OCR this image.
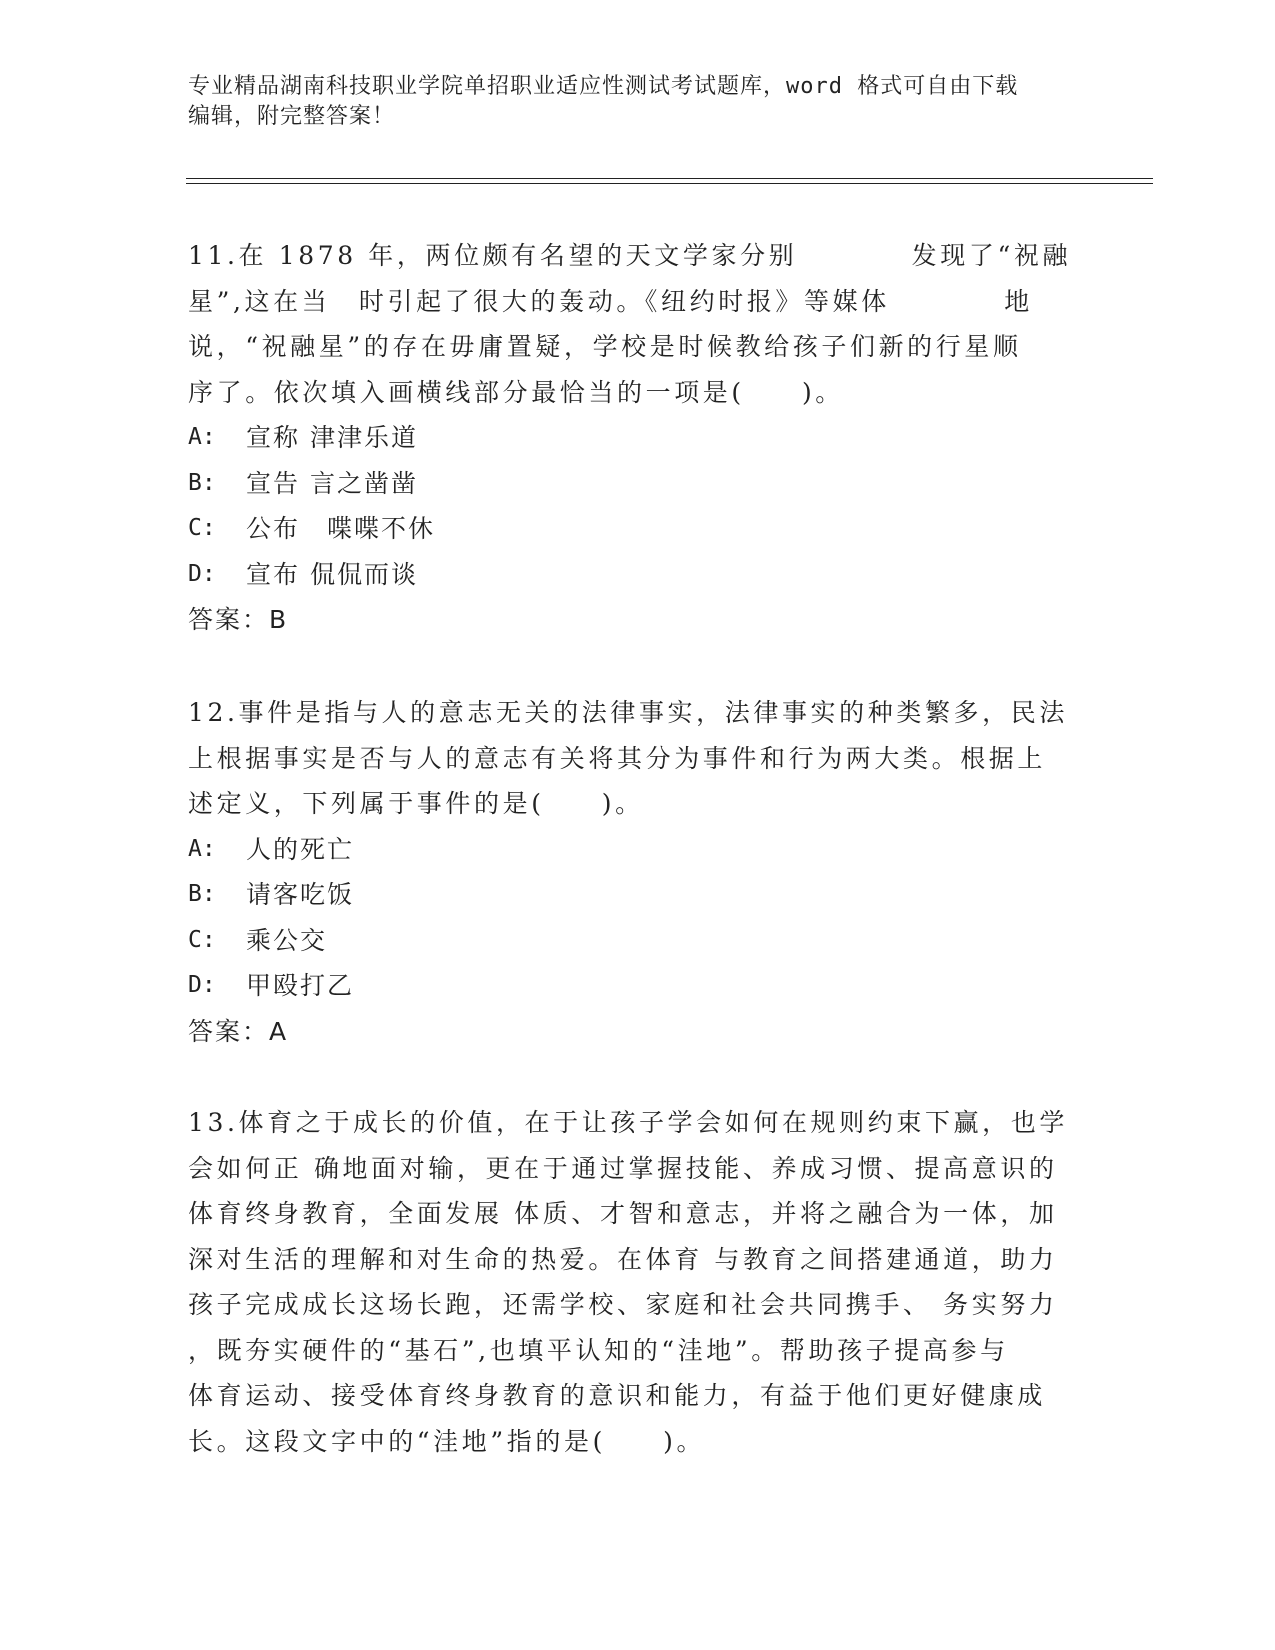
专业精品湖南科技职业学院单招职业适应性测试考试题库，word 格式可自由下载
编辑，附完整答案！

11.在 1878 年，两位颇有名望的天文学家分别　　　　发现了“祝融

星”,这在当　时引起了很大的轰动。《纽约时报》等媒体　　　　地

说，“祝融星”的存在毋庸置疑，学校是时候教给孩子们新的行星顺

序了。依次填入画横线部分最恰当的一项是(　　)。

A:	宣称 津津乐道
B:	宣告 言之凿凿
C:	公布　喋喋不休
D:	宣布 侃侃而谈

答案：B

12.事件是指与人的意志无关的法律事实，法律事实的种类繁多，民法

上根据事实是否与人的意志有关将其分为事件和行为两大类。根据上

述定义，下列属于事件的是(　　)。

A:	人的死亡
B:	请客吃饭
C:	乘公交
D:	甲殴打乙

答案：A

13.体育之于成长的价值，在于让孩子学会如何在规则约束下赢，也学

会如何正 确地面对输，更在于通过掌握技能、养成习惯、提高意识的

体育终身教育，全面发展 体质、才智和意志，并将之融合为一体，加

深对生活的理解和对生命的热爱。在体育 与教育之间搭建通道，助力

孩子完成成长这场长跑，还需学校、家庭和社会共同携手、 务实努力

，既夯实硬件的“基石”,也填平认知的“洼地”。帮助孩子提高参与

体育运动、接受体育终身教育的意识和能力，有益于他们更好健康成

长。这段文字中的“洼地”指的是(　　)。
